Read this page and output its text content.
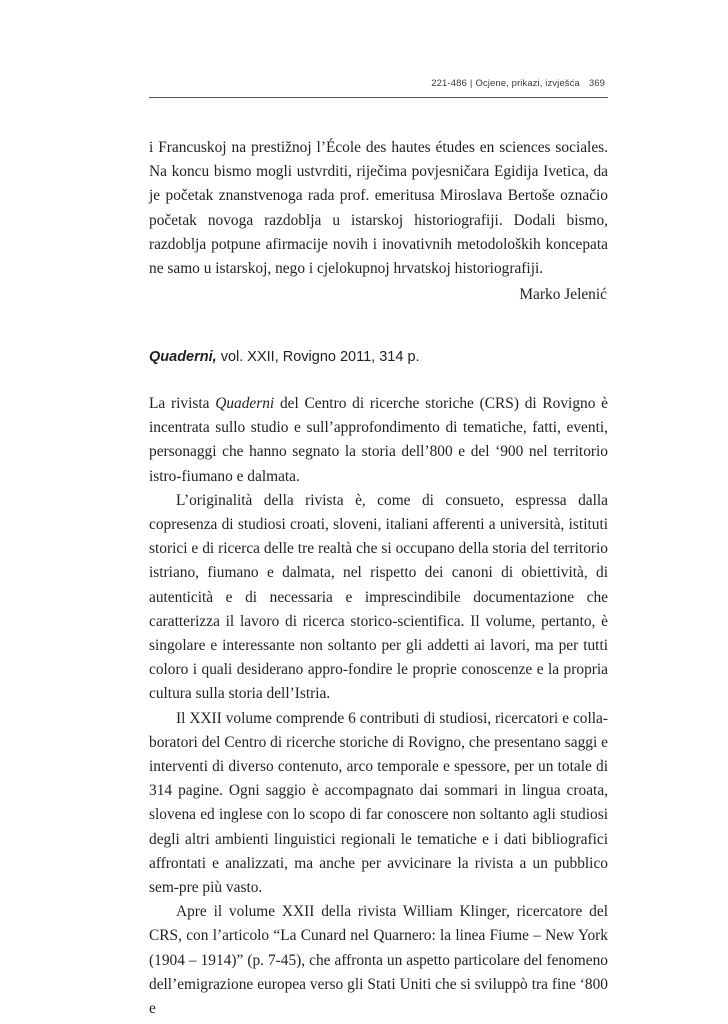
221-486 | Ocjene, prikazi, izvješća 369

i Francuskoj na prestižnoj l’École des hautes études en sciences sociales. Na koncu bismo mogli ustvrditi, riječima povjesničara Egidija Ivetica, da je početak znanstvenoga rada prof. emeritusa Miroslava Bertoše označio početak novoga razdoblja u istarskoj historiografiji. Dodali bismo, razdoblja potpune afirmacije novih i inovativnih metodoloških koncepata ne samo u istarskoj, nego i cjelokupnoj hrvatskoj historiografiji.

Marko Jelenić
Quaderni, vol. XXII, Rovigno 2011, 314 p.

La rivista Quaderni del Centro di ricerche storiche (CRS) di Rovigno è incentrata sullo studio e sull’approfondimento di tematiche, fatti, eventi, personaggi che hanno segnato la storia dell’800 e del ‘900 nel territorio istro-fiumano e dalmata.

L’originalità della rivista è, come di consueto, espressa dalla copresenza di studiosi croati, sloveni, italiani afferenti a università, istituti storici e di ricerca delle tre realtà che si occupano della storia del territorio istriano, fiumano e dalmata, nel rispetto dei canoni di obiettività, di autenticità e di necessaria e imprescindibile documentazione che caratterizza il lavoro di ricerca storico-scientifica. Il volume, pertanto, è singolare e interessante non soltanto per gli addetti ai lavori, ma per tutti coloro i quali desiderano appro-fondire le proprie conoscenze e la propria cultura sulla storia dell’Istria.

Il XXII volume comprende 6 contributi di studiosi, ricercatori e colla-boratori del Centro di ricerche storiche di Rovigno, che presentano saggi e interventi di diverso contenuto, arco temporale e spessore, per un totale di 314 pagine. Ogni saggio è accompagnato dai sommari in lingua croata, slovena ed inglese con lo scopo di far conoscere non soltanto agli studiosi degli altri ambienti linguistici regionali le tematiche e i dati bibliografici affrontati e analizzati, ma anche per avvicinare la rivista a un pubblico sem-pre più vasto.

Apre il volume XXII della rivista William Klinger, ricercatore del CRS, con l’articolo “La Cunard nel Quarnero: la linea Fiume – New York (1904 – 1914)” (p. 7-45), che affronta un aspetto particolare del fenomeno dell’emigrazione europea verso gli Stati Uniti che si sviluppò tra fine ‘800 e
